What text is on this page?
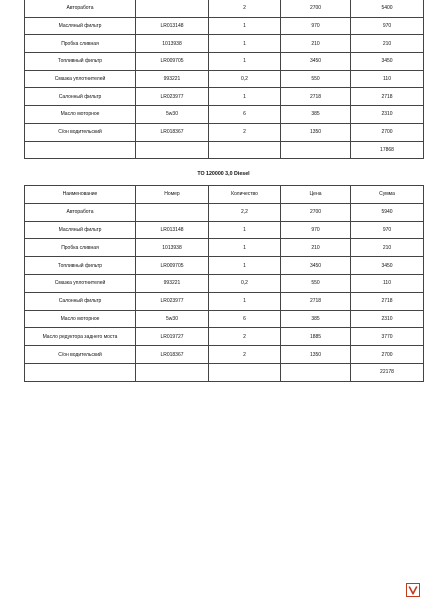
Авторабота		2	2700	5400
Масляный фильтр	LR013148	1	970	970
Пробка сливная	1013938	1	210	210
Топливный фильтр	LR009705	1	3450	3450
Смазка уплотнителей	993221	0,2	550	110
Салонный фильтр	LR023977	1	2718	2718
Масло моторное	5w30	6	385	2310
С/он водительский	LR018367	2	1350	2700
				17868
ТО 120000 3,0 Diesel
Наименование	Номер	Количество	Цена	Сумма
Авторабота		2,2	2700	5940
Масляный фильтр	LR013148	1	970	970
Пробка сливная	1013938	1	210	210
Топливный фильтр	LR009705	1	3450	3450
Смазка уплотнителей	993221	0,2	550	110
Салонный фильтр	LR023977	1	2718	2718
Масло моторное	5w30	6	385	2310
Масло редуктора заднего моста	LR019727	2	1885	3770
С/он водительский	LR018367	2	1350	2700
				22178
